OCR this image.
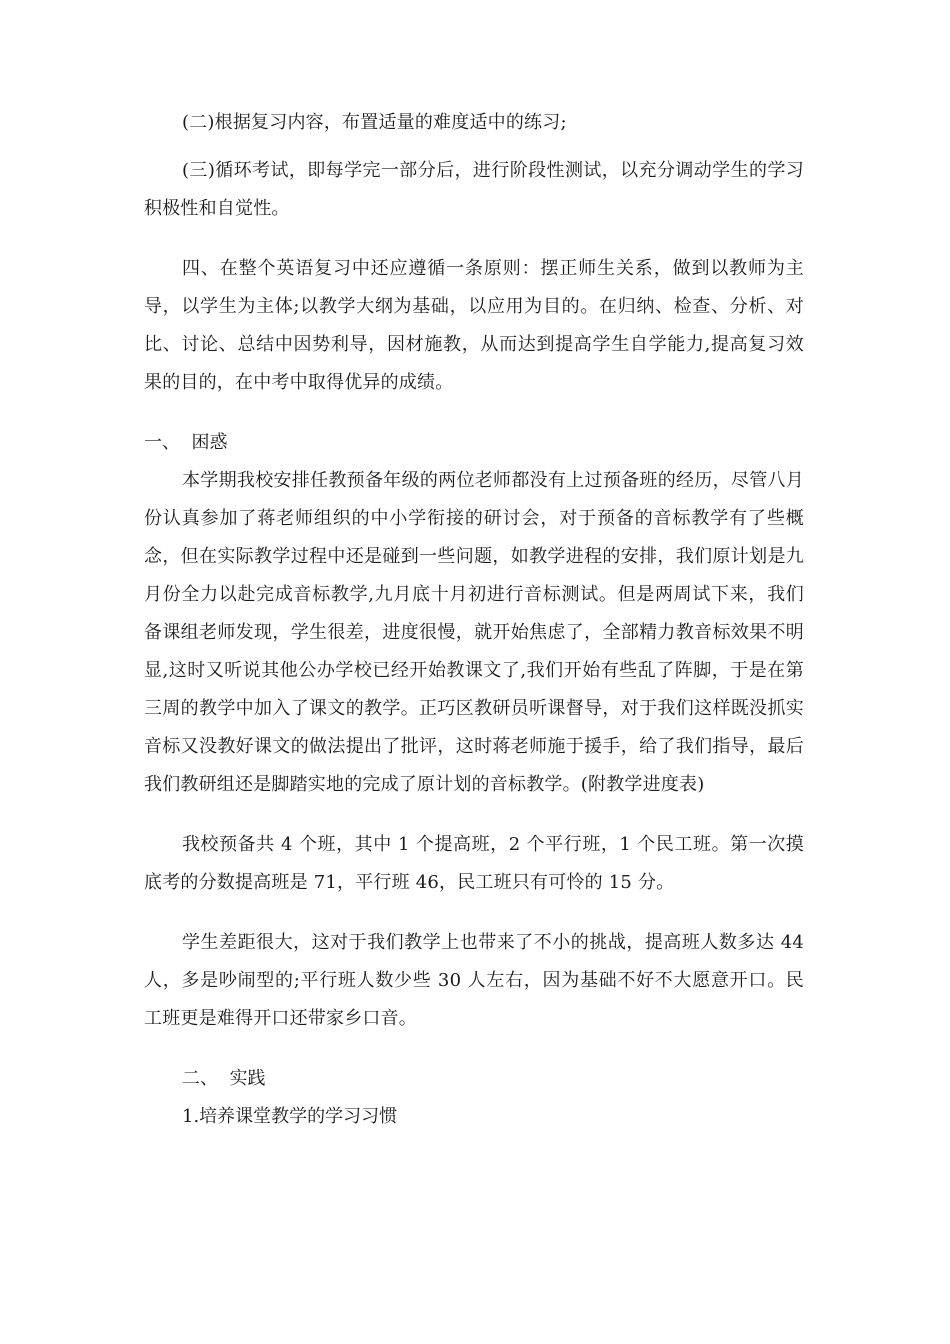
(二)根据复习内容，布置适量的难度适中的练习;

(三)循环考试，即每学完一部分后，进行阶段性测试，以充分调动学生的学习积极性和自觉性。

四、在整个英语复习中还应遵循一条原则：摆正师生关系，做到以教师为主导，以学生为主体;以教学大纲为基础，以应用为目的。在归纳、检查、分析、对比、讨论、总结中因势利导，因材施教，从而达到提高学生自学能力,提高复习效果的目的，在中考中取得优异的成绩。

一、  困惑

本学期我校安排任教预备年级的两位老师都没有上过预备班的经历，尽管八月份认真参加了蒋老师组织的中小学衔接的研讨会，对于预备的音标教学有了些概念，但在实际教学过程中还是碰到一些问题，如教学进程的安排，我们原计划是九月份全力以赴完成音标教学,九月底十月初进行音标测试。但是两周试下来，我们备课组老师发现，学生很差，进度很慢，就开始焦虑了，全部精力教音标效果不明显,这时又听说其他公办学校已经开始教课文了,我们开始有些乱了阵脚，于是在第三周的教学中加入了课文的教学。正巧区教研员听课督导，对于我们这样既没抓实音标又没教好课文的做法提出了批评，这时蒋老师施于援手，给了我们指导，最后我们教研组还是脚踏实地的完成了原计划的音标教学。(附教学进度表)

我校预备共 4 个班，其中 1 个提高班，2 个平行班，1 个民工班。第一次摸底考的分数提高班是 71，平行班 46，民工班只有可怜的 15 分。

学生差距很大，这对于我们教学上也带来了不小的挑战，提高班人数多达 44 人，多是吵闹型的;平行班人数少些 30 人左右，因为基础不好不大愿意开口。民工班更是难得开口还带家乡口音。

二、  实践

1.培养课堂教学的学习习惯
